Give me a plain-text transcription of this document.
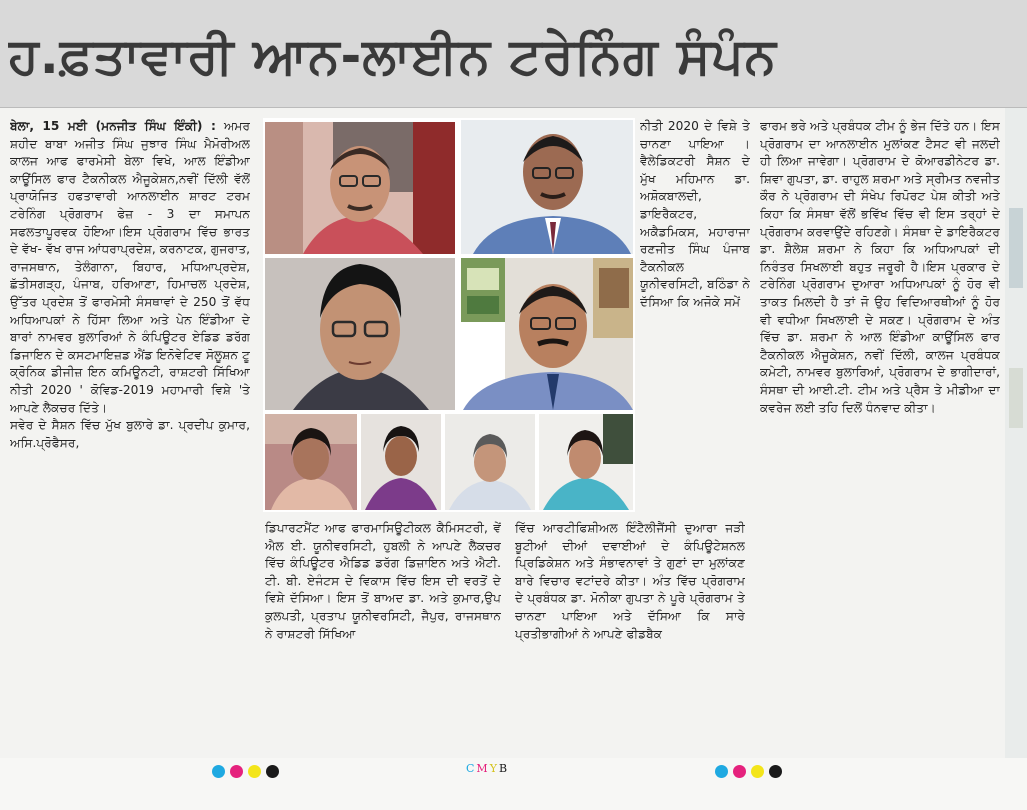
ਹ.ਫ਼ਤਾਵਾਰੀ ਆਨ-ਲਾਈਨ ਟਰੇਨਿੰਗ ਸੰਪੰਨ

ਬੇਲਾ, 15 ਮਈ (ਮਨਜੀਤ ਸਿੰਘ ਇੰਕੀ) : ਅਮਰ ਸ਼ਹੀਦ ਬਾਬਾ ਅਜੀਤ ਸਿੰਘ ਜੁਝਾਰ ਸਿੰਘ ਮੈਮੋਰੀਅਲ ਕਾਲਜ ਆਫ ਫਾਰਮੇਸੀ ਬੇਲਾ ਵਿਖੇ, ਆਲ ਇੰਡੀਆ ਕਾਊਂਸਿਲ ਫਾਰ ਟੈਕਨੀਕਲ ਐਜੂਕੇਸ਼ਨ,ਨਵੀਂ ਦਿੱਲੀ ਵੱਲੋਂ ਪ੍ਰਾਯੋਜਿਤ ਹਫਤਾਵਾਰੀ ਆਨਲਾਈਨ ਸ਼ਾਰਟ ਟਰਮ ਟਰੇਨਿੰਗ ਪ੍ਰੋਗਰਾਮ ਫੇਜ਼ - 3 ਦਾ ਸਮਾਪਨ ਸਫਲਤਾਪੂਰਵਕ ਹੋਇਆ।ਇਸ ਪ੍ਰੋਗਰਾਮ ਵਿੱਚ ਭਾਰਤ ਦੇ ਵੱਖ- ਵੱਖ ਰਾਜ ਆਂਧਰਾਪ੍ਰਦੇਸ਼, ਕਰਨਾਟਕ, ਗੁਜਰਾਤ, ਰਾਜਸਥਾਨ, ਤੇਲੰਗਾਨਾ, ਬਿਹਾਰ, ਮਧਿਆਪ੍ਰਦੇਸ਼, ਛੱਤੀਸਗੜ੍ਹ, ਪੰਜਾਬ, ਹਰਿਆਣਾ, ਹਿਮਾਚਲ ਪ੍ਰਦੇਸ਼, ਉੱਤਰ ਪ੍ਰਦੇਸ਼ ਤੋਂ ਫਾਰਮੇਸੀ ਸੰਸਥਾਵਾਂ ਦੇ 250 ਤੋਂ ਵੱਧ ਅਧਿਆਪਕਾਂ ਨੇ ਹਿੱਸਾ ਲਿਆ ਅਤੇ ਪੇਨ ਇੰਡੀਆ ਦੇ ਬਾਰਾਂ ਨਾਮਵਰ ਬੁਲਾਰਿਆਂ ਨੇ ਕੰਪਿਊਟਰ ਏਡਿਡ ਡਰੱਗ ਡਿਜਾਇਨ ਦੇ ਕਸਟਮਾਇਜ਼ਡ ਐਂਡ ਇਨੋਵੇਟਿਵ ਸੋਲੂਸ਼ਨ ਟੂ ਕ੍ਰੋਨਿਕ ਡੀਜੀਜ਼ ਇਨ ਕਮਿਊਨਟੀ, ਰਾਸ਼ਟਰੀ ਸਿੱਖਿਆ ਨੀਤੀ 2020 ' ਕੋਵਿਡ-2019 ਮਹਾਮਾਰੀ ਵਿਸ਼ੇ 'ਤੇ ਆਪਣੇ ਲੈਕਚਰ ਦਿੱਤੇ।

ਸਵੇਰ ਦੇ ਸੈਸ਼ਨ ਵਿੱਚ ਮੁੱਖ ਬੁਲਾਰੇ ਡਾ. ਪ੍ਰਦੀਪ ਕੁਮਾਰ, ਅਸਿ.ਪ੍ਰੋਫੈਸਰ,

ਨੀਤੀ 2020 ਦੇ ਵਿਸ਼ੇ ਤੇ ਚਾਨਣਾ ਪਾਇਆ । ਵੈਲੇਡਿਕਟਰੀ ਸੈਸ਼ਨ ਦੇ ਮੁੱਖ ਮਹਿਮਾਨ ਡਾ. ਅਸ਼ੋਕਬਾਲਦੀ, ਡਾਇਰੈਕਟਰ, ਅਕੈਡਮਿਕਸ, ਮਹਾਰਾਜਾ ਰਣਜੀਤ ਸਿੰਘ ਪੰਜਾਬ ਟੈਕਨੀਕਲ ਯੂਨੀਵਰਸਿਟੀ, ਬਠਿੰਡਾ ਨੇ ਦੱਸਿਆ ਕਿ ਅਜੋਕੇ ਸਮੇਂ

ਡਿਪਾਰਟਮੈਂਟ ਆਫ ਫਾਰਮਾਸਿਊਟੀਕਲ ਕੈਮਿਸਟਰੀ, ਵੇਂ ਐਲ ਈ. ਯੂਨੀਵਰਸਿਟੀ, ਹੁਬਲੀ ਨੇ ਆਪਣੇ ਲੈਕਚਰ ਵਿੱਚ ਕੰਪਿਊਟਰ ਐਡਿਡ ਡਰੱਗ ਡਿਜ਼ਾਇਨ ਅਤੇ ਐਟੀ. ਟੀ. ਬੀ. ਏਜੰਟਸ ਦੇ ਵਿਕਾਸ ਵਿੱਚ ਇਸ ਦੀ ਵਰਤੋਂ ਦੇ ਵਿਸ਼ੇ ਦੱਸਿਆ। ਇਸ ਤੋਂ ਬਾਅਦ ਡਾ. ਅਤੇ ਕੁਮਾਰ,ਉਪ ਕੁਲਪਤੀ, ਪ੍ਰਤਾਪ ਯੂਨੀਵਰਸਿਟੀ, ਜੈਪੁਰ, ਰਾਜਸਥਾਨ ਨੇ ਰਾਸ਼ਟਰੀ ਸਿੱਖਿਆ

ਵਿੱਚ ਆਰਟੀਫਿਸ਼ੀਅਲ ਇੰਟੈਲੀਜੈਂਸੀ ਦੁਆਰਾ ਜੜੀ ਬੂਟੀਆਂ ਦੀਆਂ ਦਵਾਈਆਂ ਦੇ ਕੰਪਿਊਟੇਸ਼ਨਲ ਪ੍ਰਿਡਿਕੇਸ਼ਨ ਅਤੇ ਸੰਭਾਵਨਾਵਾਂ ਤੇ ਗੁਣਾਂ ਦਾ ਮੁਲਾਂਕਣ ਬਾਰੇ ਵਿਚਾਰ ਵਟਾਂਦਰੇ ਕੀਤਾ। ਅੰਤ ਵਿੱਚ ਪ੍ਰੋਗਰਾਮ ਦੇ ਪ੍ਰਬੰਧਕ ਡਾ. ਮੋਨੀਕਾ ਗੁਪਤਾ ਨੇ ਪੂਰੇ ਪ੍ਰੋਗਰਾਮ ਤੇ ਚਾਨਣਾ ਪਾਇਆ ਅਤੇ ਦੱਸਿਆ ਕਿ ਸਾਰੇ ਪ੍ਰਤੀਭਾਗੀਆਂ ਨੇ ਆਪਣੇ ਫੀਡਬੈਕ

ਫਾਰਮ ਭਰੇ ਅਤੇ ਪ੍ਰਬੰਧਕ ਟੀਮ ਨੂੰ ਭੇਜ ਦਿੱਤੇ ਹਨ। ਇਸ ਪ੍ਰੋਗਰਾਮ ਦਾ ਆਨਲਾਈਨ ਮੁਲਾਂਕਣ ਟੈਸਟ ਵੀ ਜਲਦੀ ਹੀ ਲਿਆ ਜਾਵੇਗਾ। ਪ੍ਰੋਗਰਾਮ ਦੇ ਕੋਆਰਡੀਨੇਟਰ ਡਾ. ਸ਼ਿਵਾ ਗੁਪਤਾ, ਡਾ. ਰਾਹੁਲ ਸ਼ਰਮਾ ਅਤੇ ਸ੍ਰੀਮਤ ਨਵਜੀਤ ਕੌਰ ਨੇ ਪ੍ਰੋਗਰਾਮ ਦੀ ਸੰਖੇਪ ਰਿਪੋਰਟ ਪੇਸ਼ ਕੀਤੀ ਅਤੇ ਕਿਹਾ ਕਿ ਸੰਸਥਾ ਵੱਲੋਂ ਭਵਿੱਖ ਵਿੱਚ ਵੀ ਇਸ ਤਰ੍ਹਾਂ ਦੇ ਪ੍ਰੋਗਰਾਮ ਕਰਵਾਉਂਦੇ ਰਹਿਣਗੇ। ਸੰਸਥਾ ਦੇ ਡਾਇਰੈਕਟਰ ਡਾ. ਸ਼ੈਲੇਸ਼ ਸ਼ਰਮਾ ਨੇ ਕਿਹਾ ਕਿ ਅਧਿਆਪਕਾਂ ਦੀ ਨਿਰੰਤਰ ਸਿਖਲਾਈ ਬਹੁਤ ਜਰੂਰੀ ਹੈ।ਇਸ ਪ੍ਰਕਾਰ ਦੇ ਟਰੇਨਿੰਗ ਪ੍ਰੋਗਰਾਮ ਦੁਆਰਾ ਅਧਿਆਪਕਾਂ ਨੂੰ ਹੋਰ ਵੀ ਤਾਕਤ ਮਿਲਦੀ ਹੈ ਤਾਂ ਜੋ ਉਹ ਵਿਦਿਆਰਥੀਆਂ ਨੂੰ ਹੋਰ ਵੀ ਵਧੀਆ ਸਿਖਲਾਈ ਦੇ ਸਕਣ। ਪ੍ਰੋਗਰਾਮ ਦੇ ਅੰਤ ਵਿੱਚ ਡਾ. ਸ਼ਰਮਾ ਨੇ ਆਲ ਇੰਡੀਆ ਕਾਊਂਸਿਲ ਫਾਰ ਟੈਕਨੀਕਲ ਐਜੂਕੇਸ਼ਨ, ਨਵੀਂ ਦਿੱਲੀ, ਕਾਲਜ ਪ੍ਰਬੰਧਕ ਕਮੇਟੀ, ਨਾਮਵਰ ਬੁਲਾਰਿਆਂ, ਪ੍ਰੋਗਰਾਮ ਦੇ ਭਾਗੀਦਾਰਾਂ, ਸੰਸਥਾ ਦੀ ਆਈ.ਟੀ. ਟੀਮ ਅਤੇ ਪ੍ਰੈਸ ਤੇ ਮੀਡੀਆ ਦਾ ਕਵਰੇਜ ਲਈ ਤਹਿ ਦਿਲੋਂ ਧੰਨਵਾਦ ਕੀਤਾ।

CMYB
